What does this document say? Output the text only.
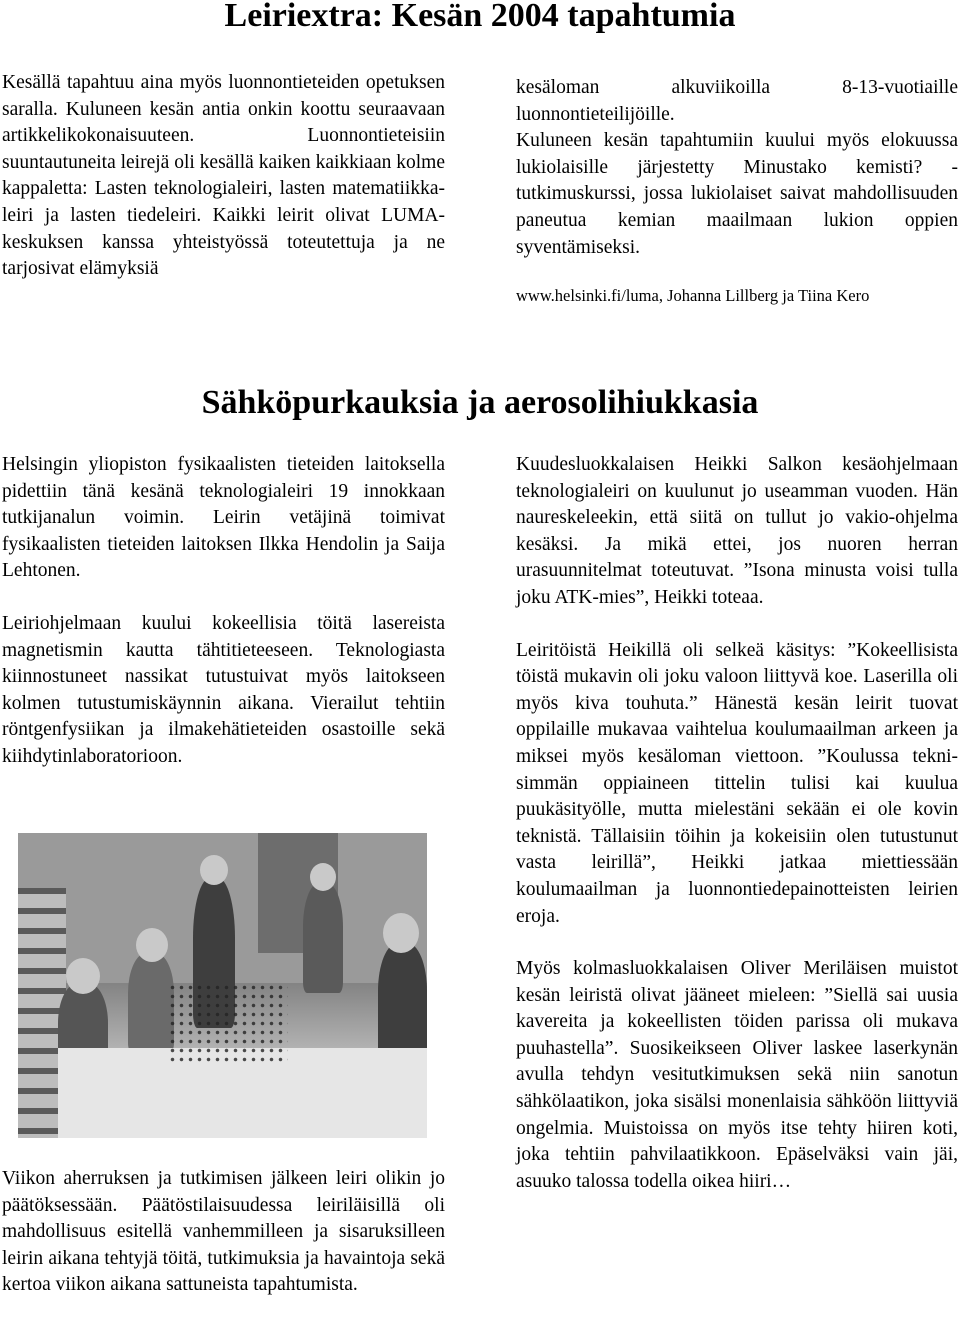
Leiriextra: Kesän 2004 tapahtumia

Kesällä tapahtuu aina myös luonnontieteiden opetuksen saralla. Kuluneen kesän antia onkin koottu seuraavaan artikkelikokonaisuuteen. Luonnontieteisiin suuntautuneita leirejä oli kesällä kaiken kaikkiaan kolme kappaletta: Lasten teknologialeiri, lasten matematiikkaleiri ja lasten tiedeleiri. Kaikki leirit olivat LUMA-keskuksen kanssa yhteistyössä toteutettuja ja ne tarjosivat elämyksiä

kesäloman alkuviikoilla 8-13-vuotiaille luonnontieteilijöille.

Kuluneen kesän tapahtumiin kuului myös elokuussa lukiolaisille järjestetty Minustako kemisti? -tutkimuskurssi, jossa lukiolaiset saivat mahdollisuuden paneutua kemian maailmaan lukion oppien syventämiseksi.

www.helsinki.fi/luma, Johanna Lillberg ja Tiina Kero

Sähköpurkauksia ja aerosolihiukkasia

Helsingin yliopiston fysikaalisten tieteiden laitoksella pidettiin tänä kesänä teknologialeiri 19 innokkaan tutkijanalun voimin. Leirin vetäjinä toimivat fysikaalisten tieteiden laitoksen Ilkka Hendolin ja Saija Lehtonen.

Leiriohjelmaan kuului kokeellisia töitä lasereista magnetismin kautta tähtitieteeseen. Teknologiasta kiinnostuneet nassikat tutustuivat myös laitokseen kolmen tutustumiskäynnin aikana. Vierailut tehtiin röntgenfysiikan ja ilmakehätieteiden osastoille sekä kiihdytinlaboratorioon.

Viikon aherruksen ja tutkimisen jälkeen leiri olikin jo päätöksessään. Päätöstilaisuudessa leiriläisillä oli mahdollisuus esitellä vanhemmilleen ja sisaruksilleen leirin aikana tehtyjä töitä, tutkimuksia ja havaintoja sekä kertoa viikon aikana sattuneista tapahtumista.

Kuudesluokkalaisen Heikki Salkon kesäohjelmaan teknologialeiri on kuulunut jo useamman vuoden. Hän naureskeleekin, että siitä on tullut jo vakio-ohjelma kesäksi. Ja mikä ettei, jos nuoren herran urasuunnitelmat toteutuvat. ”Isona minusta voisi tulla joku ATK-mies”, Heikki toteaa.

Leiritöistä Heikillä oli selkeä käsitys: ”Kokeellisista töistä mukavin oli joku valoon liittyvä koe. Laserilla oli myös kiva touhuta.” Hänestä kesän leirit tuovat oppilaille mukavaa vaihtelua koulumaailman arkeen ja miksei myös kesäloman viettoon. ”Koulussa teknisimmän oppiaineen tittelin tulisi kai kuulua puukäsityölle, mutta mielestäni sekään ei ole kovin teknistä. Tällaisiin töihin ja kokeisiin olen tutustunut vasta leirillä”, Heikki jatkaa miettiessään koulumaailman ja luonnontiedepainotteisten leirien eroja.

Myös kolmasluokkalaisen Oliver Meriläisen muistot kesän leiristä olivat jääneet mieleen: ”Siellä sai uusia kavereita ja kokeellisten töiden parissa oli mukava puuhastella”. Suosikeikseen Oliver laskee laserkynän avulla tehdyn vesitutkimuksen sekä niin sanotun sähkölaatikon, joka sisälsi monenlaisia sähköön liittyviä ongelmia. Muistoissa on myös itse tehty hiiren koti, joka tehtiin pahvilaatikkoon. Epäselväksi vain jäi, asuuko talossa todella oikea hiiri…
